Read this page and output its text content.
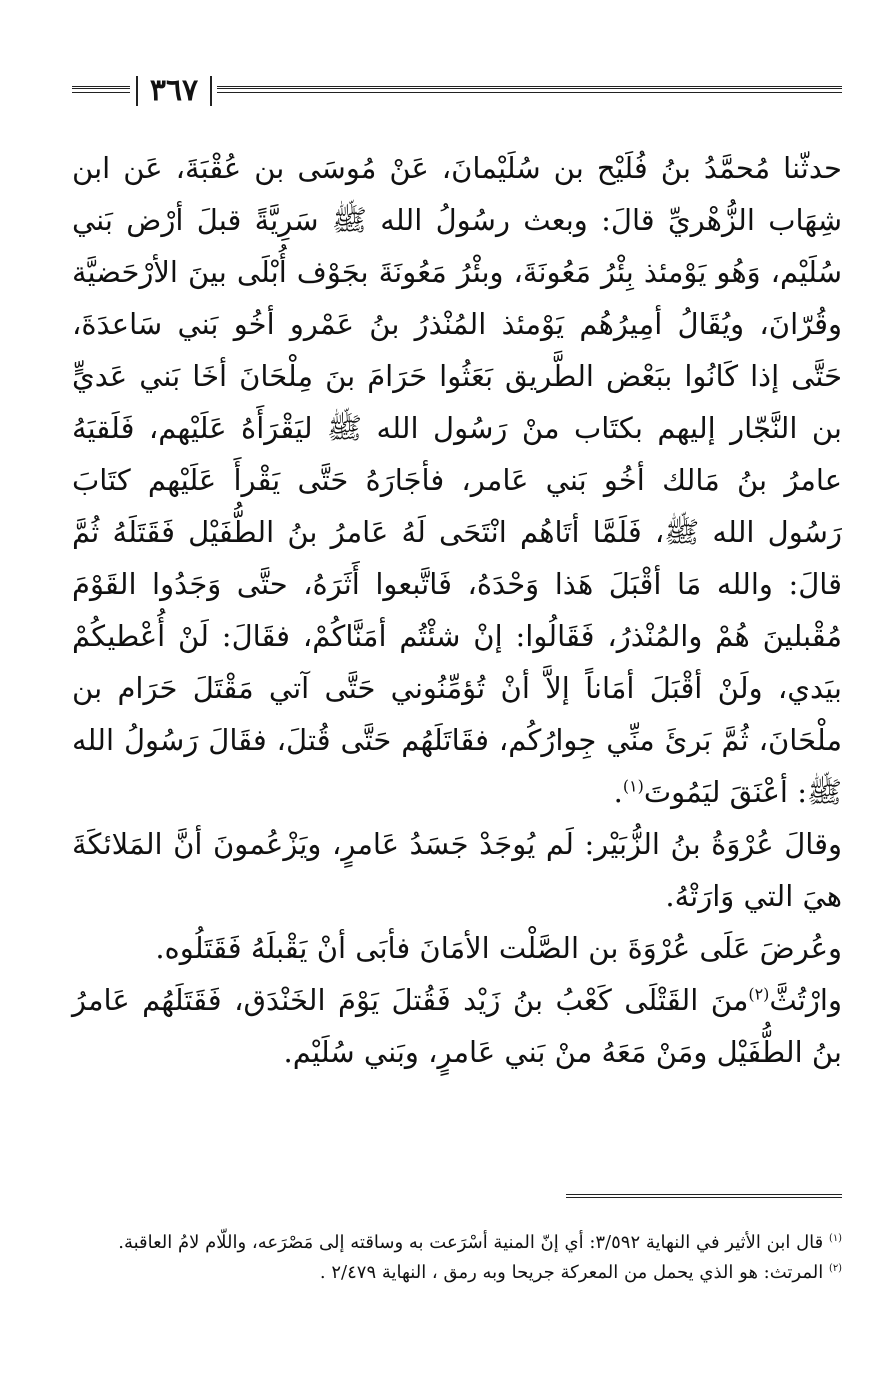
٣٦٧

حدثّنا مُحمَّدُ بنُ فُلَيْح بن سُلَيْمانَ، عَنْ مُوسَى بن عُقْبَةَ، عَن ابن شِهَاب الزُّهْريِّ قالَ: وبعث رسُولُ الله ﷺ سَرِيَّةً قبلَ أرْض بَني سُلَيْم، وَهُو يَوْمئذ بِئْرُ مَعُونَةَ، وبئْرُ مَعُونَةَ بجَوْف أُبْلَى بينَ الأرْحَضيَّة وقُرّانَ، ويُقَالُ أمِيرُهُم يَوْمئذ المُنْذرُ بنُ عَمْرو أخُو بَني سَاعدَةَ، حَتَّى إذا كَانُوا ببَعْض الطَّريق بَعَثُوا حَرَامَ بنَ مِلْحَانَ أخَا بَني عَديٍّ بن النَّجّار إليهم بكتَاب منْ رَسُول الله ﷺ ليَقْرَأَهُ عَلَيْهم، فَلَقيَهُ عامرُ بنُ مَالك أخُو بَني عَامر، فأجَارَهُ حَتَّى يَقْرأَ عَلَيْهم كتَابَ رَسُول الله ﷺ، فَلَمَّا أتَاهُم انْتَحَى لَهُ عَامرُ بنُ الطُّفَيْل فَقَتَلَهُ ثُمَّ قالَ: والله مَا أقْبَلَ هَذا وَحْدَهُ، فَاتَّبعوا أَثَرَهُ، حتَّى وَجَدُوا القَوْمَ مُقْبلينَ هُمْ والمُنْذرُ، فَقَالُوا: إنْ شئْتُم أمَنَّاكُمْ، فقَالَ: لَنْ أُعْطيكُمْ بيَدي، ولَنْ أقْبَلَ أمَاناً إلاَّ أنْ تُؤمِّنُوني حَتَّى آتي مَقْتَلَ حَرَام بن ملْحَانَ، ثُمَّ بَرئَ منِّي جِوارُكُم، فقَاتَلَهُم حَتَّى قُتلَ، فقَالَ رَسُولُ الله ﷺ: أعْنَقَ ليَمُوتَ$^{(١)}$.

وقالَ عُرْوَةُ بنُ الزُّبَيْر: لَم يُوجَدْ جَسَدُ عَامرٍ، ويَزْعُمونَ أنَّ المَلائكَةَ هيَ التي وَارَتْهُ.

وعُرضَ عَلَى عُرْوَةَ بن الصَّلْت الأمَانَ فأبَى أنْ يَقْبلَهُ فَقَتَلُوه.

وارْتُثَّ$^{(٢)}$منَ القَتْلَى كَعْبُ بنُ زَيْد فَقُتلَ يَوْمَ الخَنْدَق، فَقَتَلَهُم عَامرُ بنُ الطُّفَيْل ومَنْ مَعَهُ منْ بَني عَامرٍ، وبَني سُلَيْم.

$^{(١)}$ قال ابن الأثير في النهاية ٣/٥٩٢: أي إنّ المنية أسْرَعت به وساقته إلى مَصْرَعه، واللّام لامُ العاقبة.

$^{(٢)}$ المرتث: هو الذي يحمل من المعركة جريحا وبه رمق ، النهاية ٢/٤٧٩ .
